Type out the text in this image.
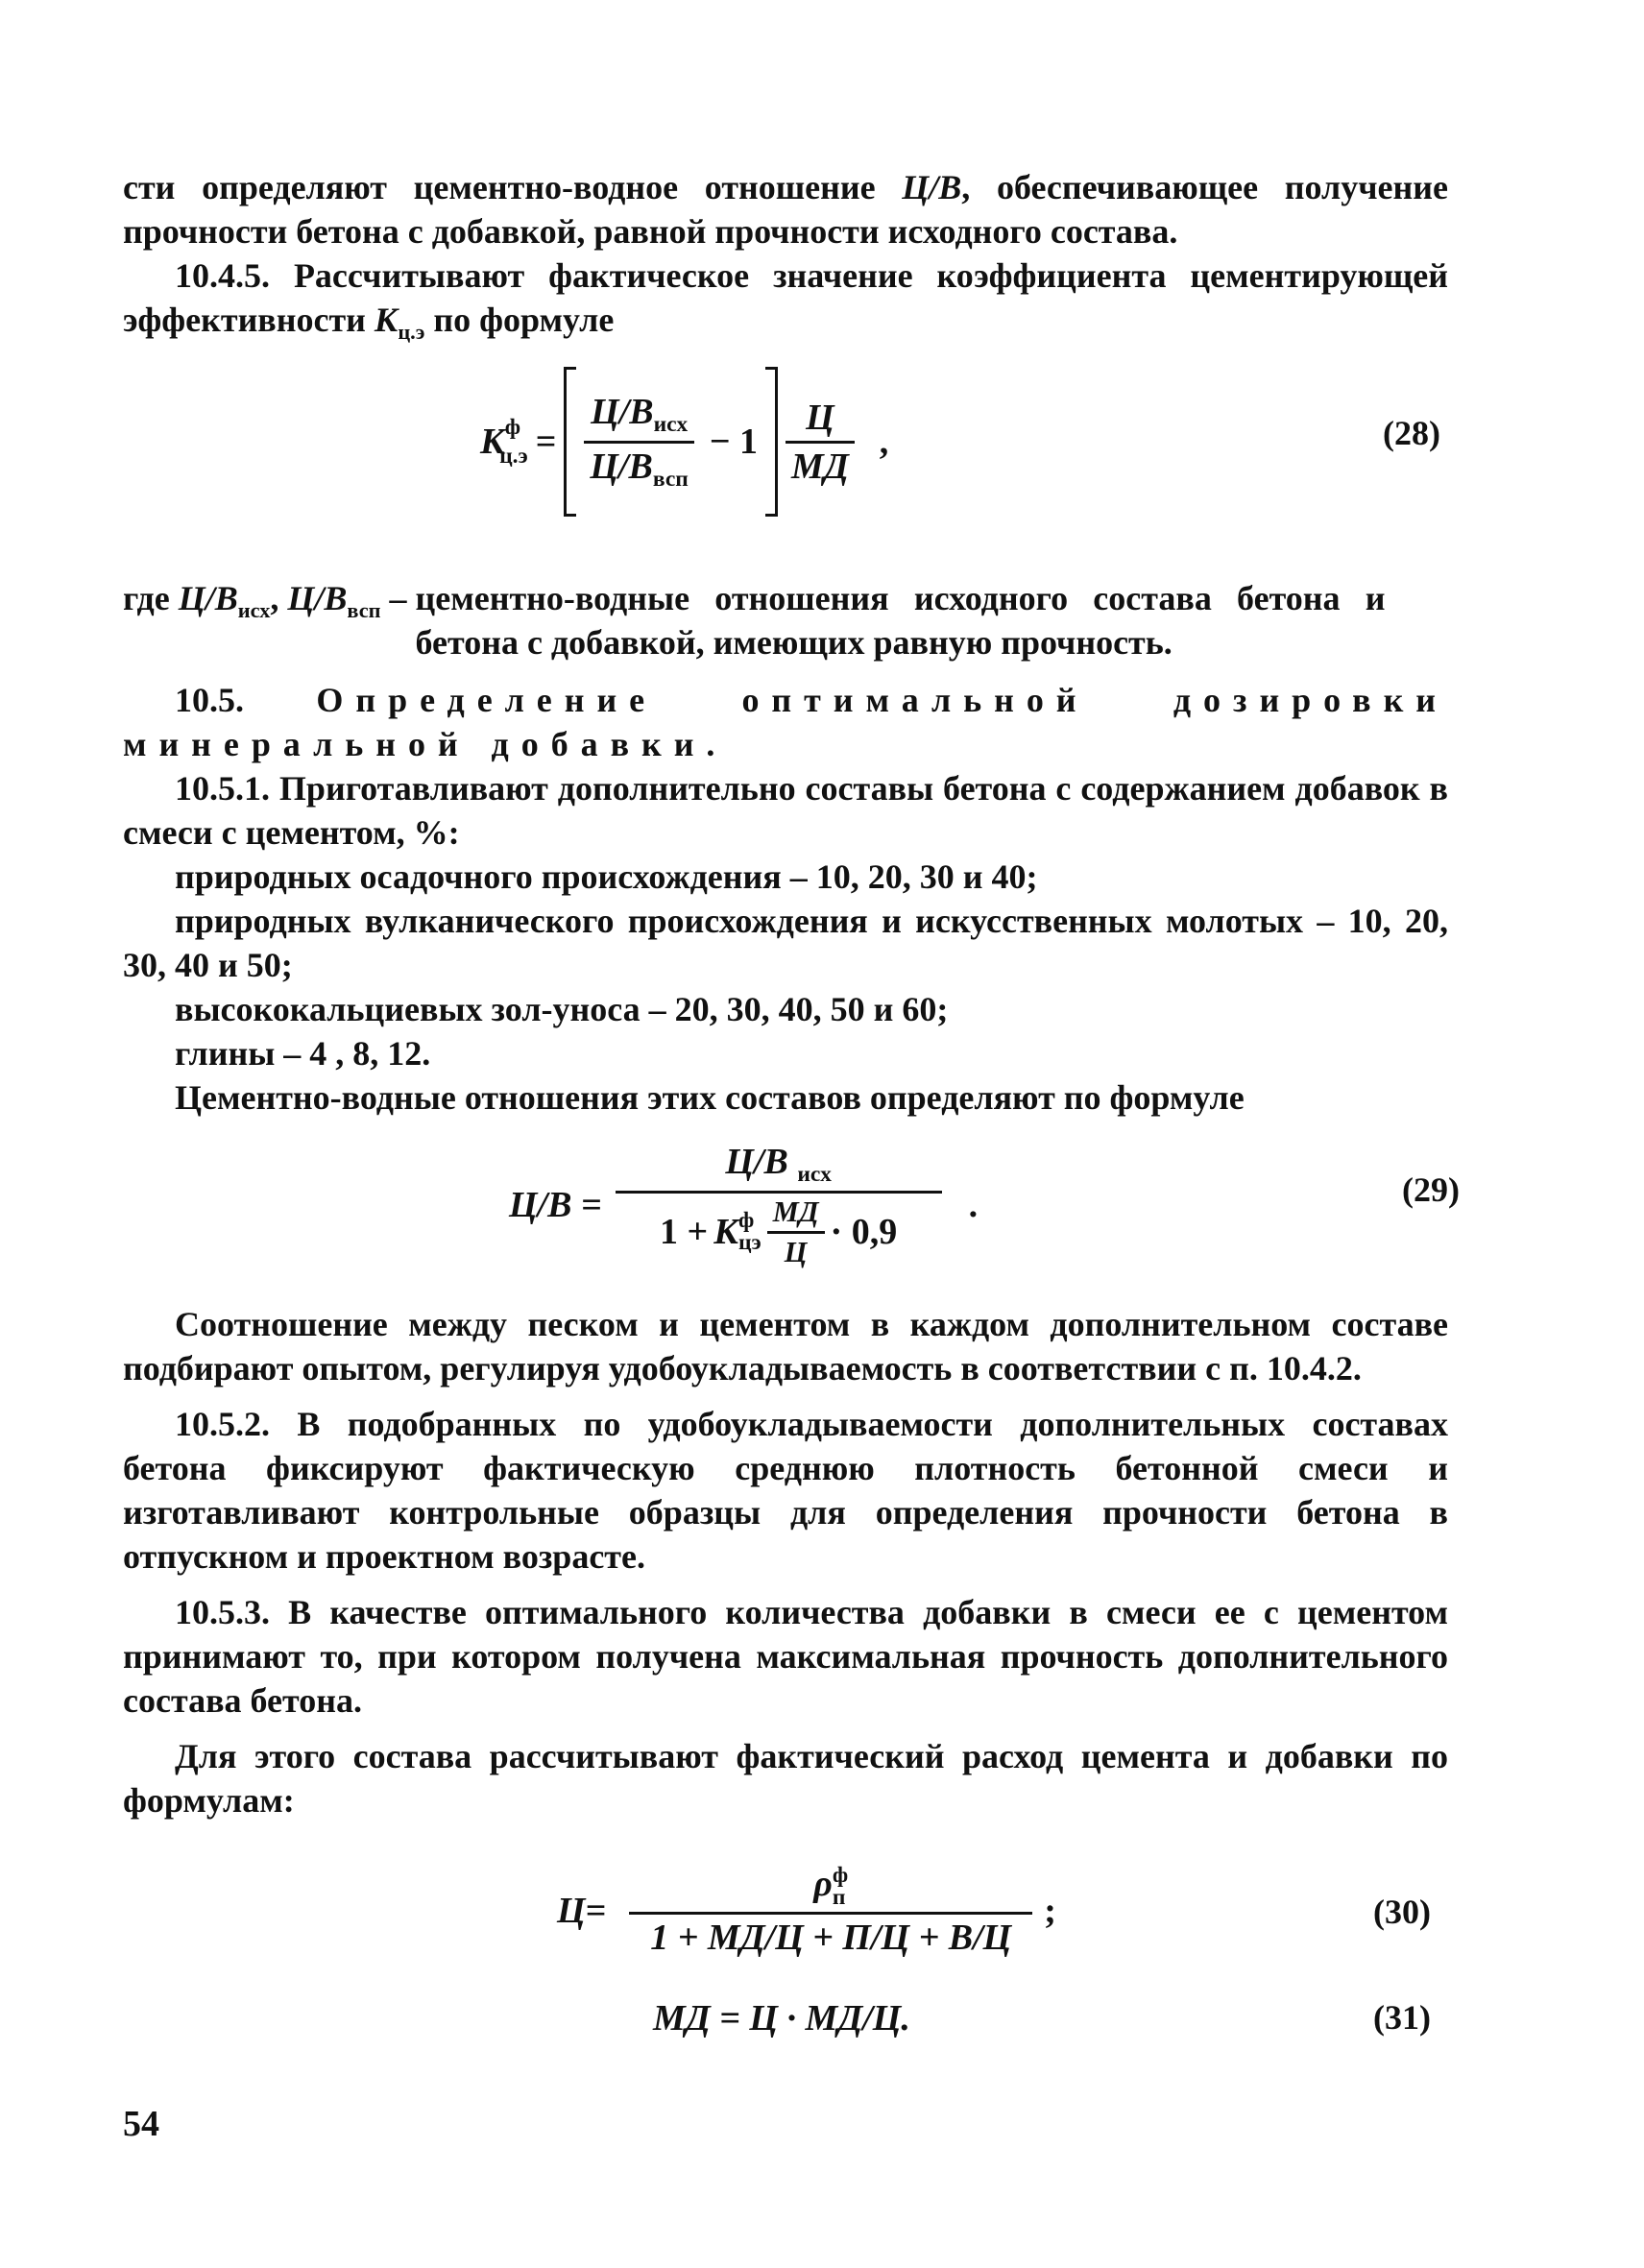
сти определяют цементно-водное отношение Ц/В, обеспечивающее получение прочности бетона с добавкой, равной прочности исходного состава.

10.4.5. Рассчитывают фактическое значение коэффициента цементирующей эффективности $К_{ц.э}$ по формуле

$К^ф$
$ц.э = \frac{Ц/В_{исх}}{Ц/В_{всп}} - 1 \frac{Ц}{МД}$ ,	(28)
где $Ц/В_{исх}$, $Ц/В_{всп}$ – цементно-водные отношения исходного состава бетона и бетона с добавкой, имеющих равную прочность.

10.5. Определение оптимальной дозировки минеральной добавки.

10.5.1. Приготавливают дополнительно составы бетона с содержанием добавок в смеси с цементом, %:

природных осадочного происхождения – 10, 20, 30 и 40;

природных вулканического происхождения и искусственных молотых – 10, 20, 30, 40 и 50;

высококальциевых зол-уноса – 20, 30, 40, 50 и 60;

глины – 4 , 8, 12.

Цементно-водные отношения этих составов определяют по формуле

Ц/В = Ц/В $_{исх}$
1 + К ф
цэ $\frac{МД}{Ц} \cdot 0,9$ .	(29)

Соотношение между песком и цементом в каждом дополнительном составе подбирают опытом, регулируя удобоукладываемость в соответствии с п. 10.4.2.

10.5.2. В подобранных по удобоукладываемости дополнительных составах бетона фиксируют фактическую среднюю плотность бетонной смеси и изготавливают контрольные образцы для определения прочности бетона в отпускном и проектном возрасте.

10.5.3. В качестве оптимального количества добавки в смеси ее с цементом принимают то, при котором получена максимальная прочность дополнительного состава бетона.

Для этого состава рассчитывают фактический расход цемента и добавки по формулам:

Ц= ρ ф
п
1 + МД/Ц + П/Ц + В/Ц ;	(30)
МД = Ц · МД/Ц.	(31)
54
